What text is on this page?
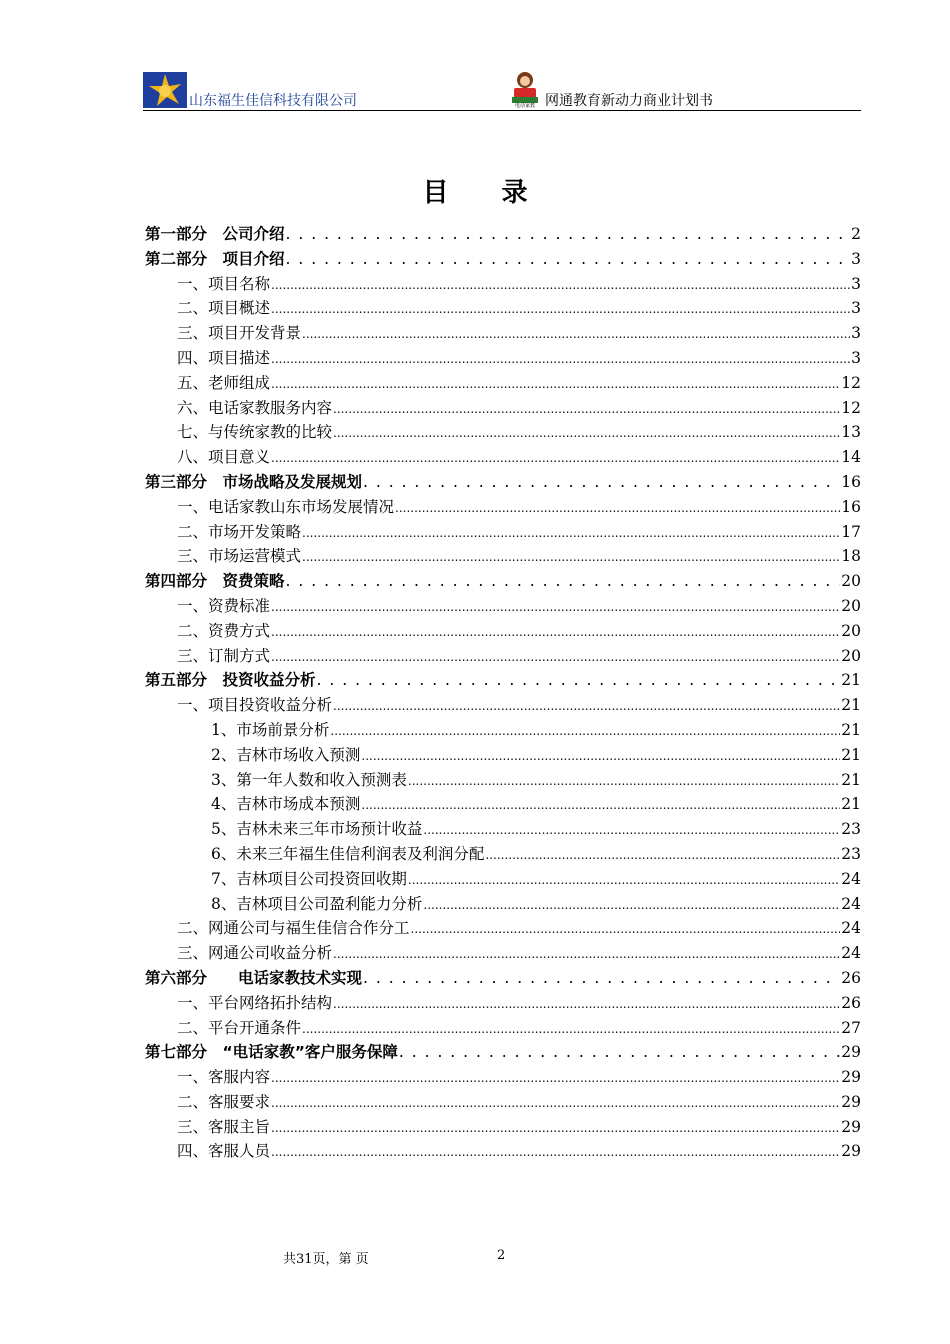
山东福生佳信科技有限公司	电话家教 网通教育新动力商业计划书
目 录
第一部分　公司介绍 . . .	2
第二部分　项目介绍 . . .	3
一、项目名称 .....	3
二、项目概述 .....	3
三、项目开发背景 .....	3
四、项目描述 .....	3
五、老师组成 .....	12
六、电话家教服务内容 .....	12
七、与传统家教的比较 .....	13
八、项目意义 .....	14
第三部分　市场战略及发展规划 . . .	16
一、电话家教山东市场发展情况 .....	16
二、市场开发策略 .....	17
三、市场运营模式 .....	18
第四部分　资费策略 . . .	20
一、资费标准 .....	20
二、资费方式 .....	20
三、订制方式 .....	20
第五部分　投资收益分析 . . .	21
一、项目投资收益分析 .....	21
1、市场前景分析 .....	21
2、吉林市场收入预测 .....	21
3、第一年人数和收入预测表 .....	21
4、吉林市场成本预测 .....	21
5、吉林未来三年市场预计收益 .....	23
6、未来三年福生佳信利润表及利润分配 .....	23
7、吉林项目公司投资回收期 .....	24
8、吉林项目公司盈利能力分析 .....	24
二、网通公司与福生佳信合作分工 .....	24
三、网通公司收益分析 .....	24
第六部分　　电话家教技术实现 . . .	26
一、平台网络拓扑结构 .....	26
二、平台开通条件 .....	27
第七部分　“电话家教”客户服务保障 . . .	29
一、客服内容 .....	29
二、客服要求 .....	29
三、客服主旨 .....	29
四、客服人员 .....	29
共31页，第 页	2
